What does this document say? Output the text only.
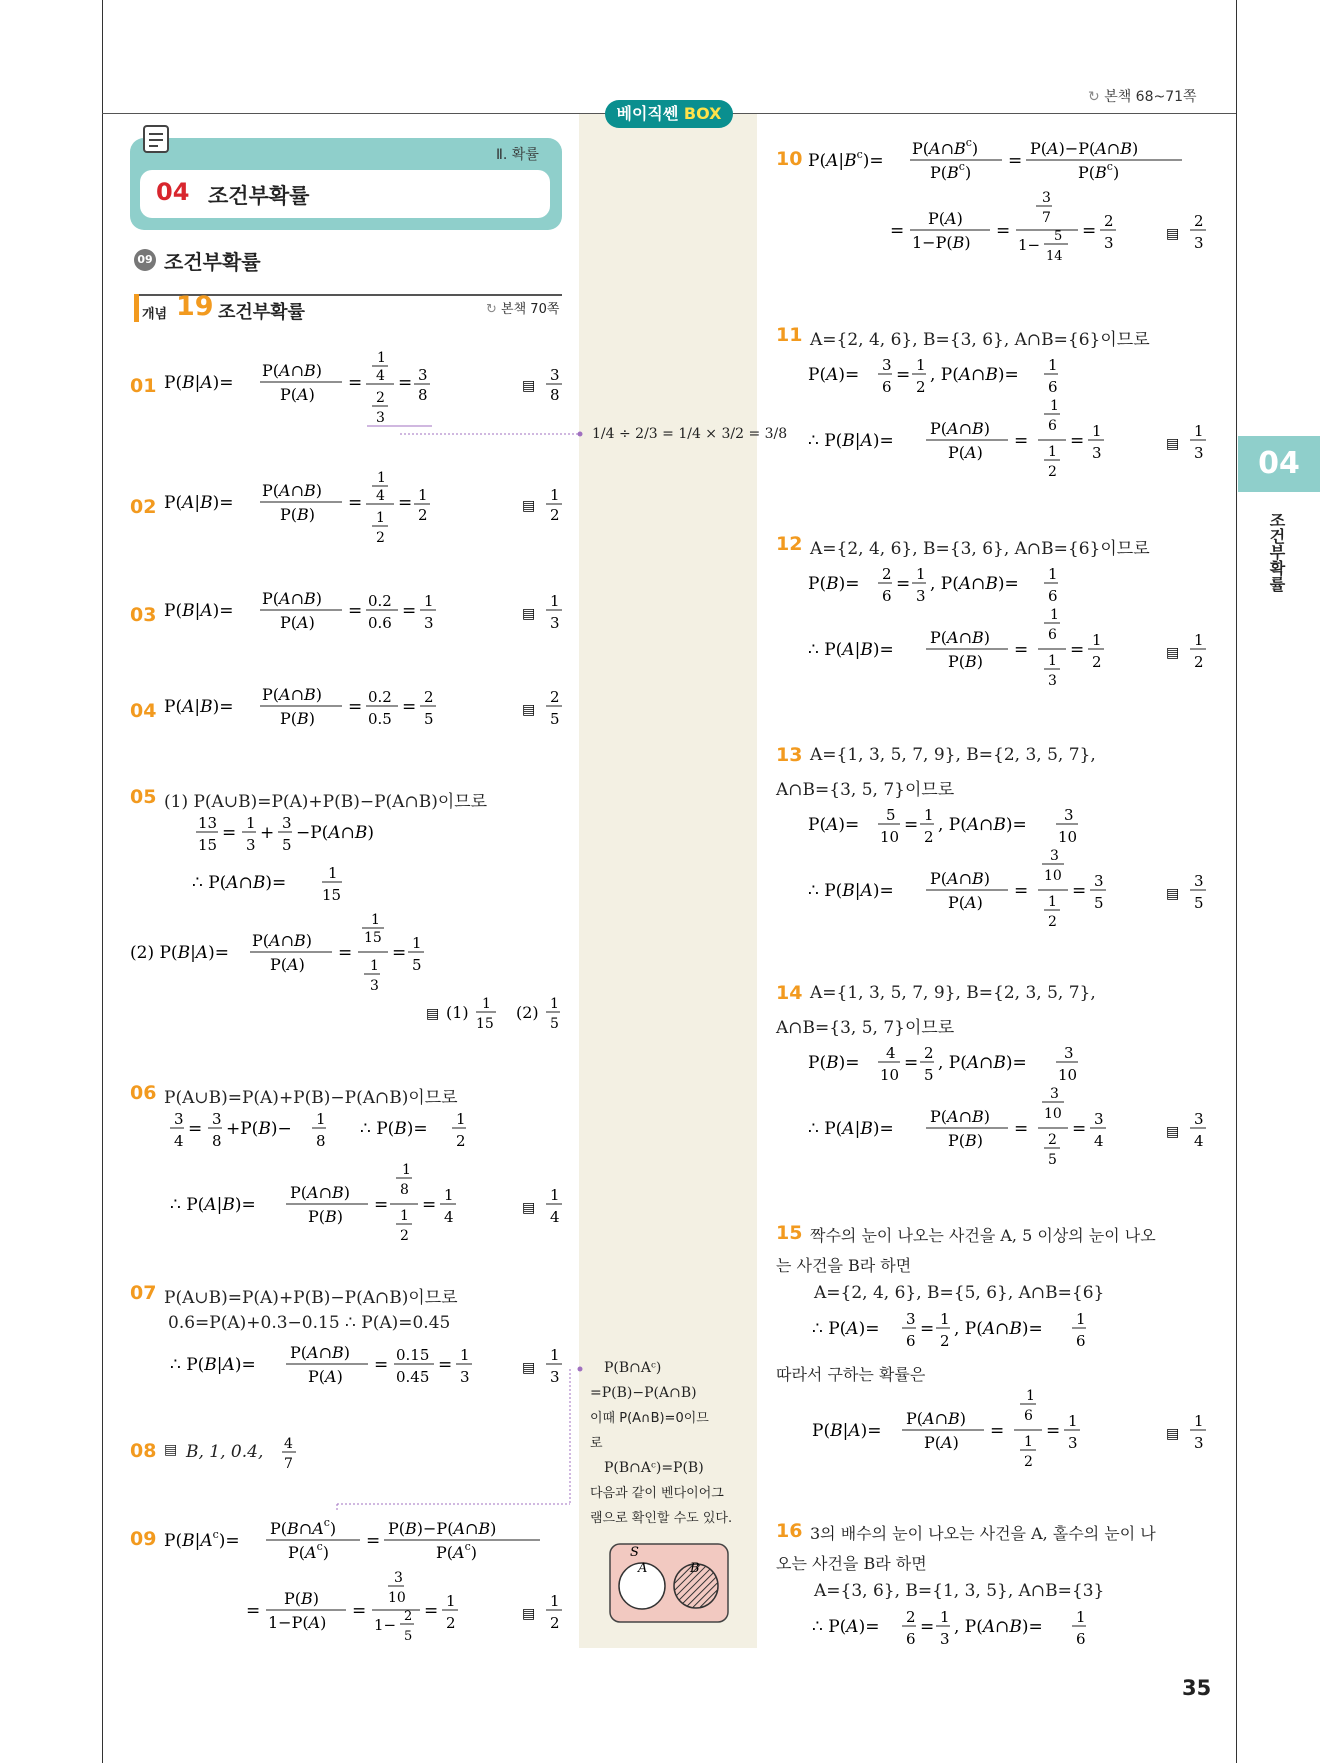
베이직쎈 BOX
↻ 본책 68~71쪽
Ⅱ. 확률
04 조건부확률
09 조건부확률
개념 19 조건부확률	↻ 본책 70쪽
04
조건부확률
35
01 P(B|A)=
P(A∩B)
P(A)
=
1
4
2
3
= 3
8	▤
3
8
1/4 ÷ 2/3 = 1/4 × 3/2 = 3/8
02 P(A|B)=
P(A∩B)
P(B)
=
1
4
1
2
= 1
2	▤
1
2
03 P(B|A)=
P(A∩B)
P(A)
= 0.2
0.6
= 1
3	▤
1
3
04 P(A|B)=
P(A∩B)
P(B)
= 0.2
0.5
= 2
5	▤
2
5
05 (1) P(A∪B)=P(A)+P(B)−P(A∩B)이므로
13
15
= 1
3
+ 3
5
−P(A∩B)
∴ P(A∩B)=	1
15
(2) P(B|A)=
P(A∩B)
P(A)
=
1
15
1
3
= 1
5
▤ (1) 1
15
(2) 1
5
06 P(A∪B)=P(A)+P(B)−P(A∩B)이므로
3
4
= 3
8
+P(B)− 1
8
∴ P(B)= 1
2
∴ P(A|B)=
P(A∩B)
P(B)
=
1
8
1
2
= 1
4	▤
1
4
07 P(A∪B)=P(A)+P(B)−P(A∩B)이므로
0.6=P(A)+0.3−0.15 ∴ P(A)=0.45
∴ P(B|A)=
P(A∩B)
P(A)
= 0.15
0.45
= 1
3	▤
1
3
08 ▤ B, 1, 0.4, 4
7
09 $P(B|A^c)=$
$P(B\cap A^c)$
$P(A^c)$
=
P(B)−P(A∩B)
$P(A^c)$
=
P(B)
1−P(A)
=
3
10
1− 2
5
= 1
2	▤
1
2
P(B∩Aᶜ)
=P(B)−P(A∩B)
이때 P(A∩B)=0이므
로
P(B∩Aᶜ)=P(B)
다음과 같이 벤다이어그
램으로 확인할 수도 있다.
S
A	B
10 $P(A|B^c)=$
$P(A\cap B^c)$
$P(B^c)$
=
P(A)−P(A∩B)
$P(B^c)$
=
P(A)
1−P(B)
=
3
7
1− 5
14
= 2
3	▤
2
3
11 A={2, 4, 6}, B={3, 6}, A∩B={6}이므로
P(A)= 3
6
= 1
2
, P(A∩B)= 1
6
∴ P(B|A)=
P(A∩B)
P(A)
=
1
6
1
2
= 1
3	▤
1
3
12 A={2, 4, 6}, B={3, 6}, A∩B={6}이므로
P(B)= 2
6
= 1
3
, P(A∩B)= 1
6
∴ P(A|B)=
P(A∩B)
P(B)
=
1
6
1
3
= 1
2	▤
1
2
13 A={1, 3, 5, 7, 9}, B={2, 3, 5, 7},
A∩B={3, 5, 7}이므로
P(A)= 5
10
= 1
2
, P(A∩B)= 3
10
∴ P(B|A)=
P(A∩B)
P(A)
=
3
10
1
2
= 3
5	▤
3
5
14 A={1, 3, 5, 7, 9}, B={2, 3, 5, 7},
A∩B={3, 5, 7}이므로
P(B)= 4
10
= 2
5
, P(A∩B)= 3
10
∴ P(A|B)=
P(A∩B)
P(B)
=
3
10
2
5
= 3
4	▤
3
4
15 짝수의 눈이 나오는 사건을 A, 5 이상의 눈이 나오
는 사건을 B라 하면
A={2, 4, 6}, B={5, 6}, A∩B={6}
∴ P(A)= 3
6
= 1
2
, P(A∩B)= 1
6
따라서 구하는 확률은
P(B|A)=
P(A∩B)
P(A)
=
1
6
1
2
= 1
3	▤
1
3
16 3의 배수의 눈이 나오는 사건을 A, 홀수의 눈이 나
오는 사건을 B라 하면
A={3, 6}, B={1, 3, 5}, A∩B={3}
∴ P(A)= 2
6
= 1
3
, P(A∩B)= 1
6
